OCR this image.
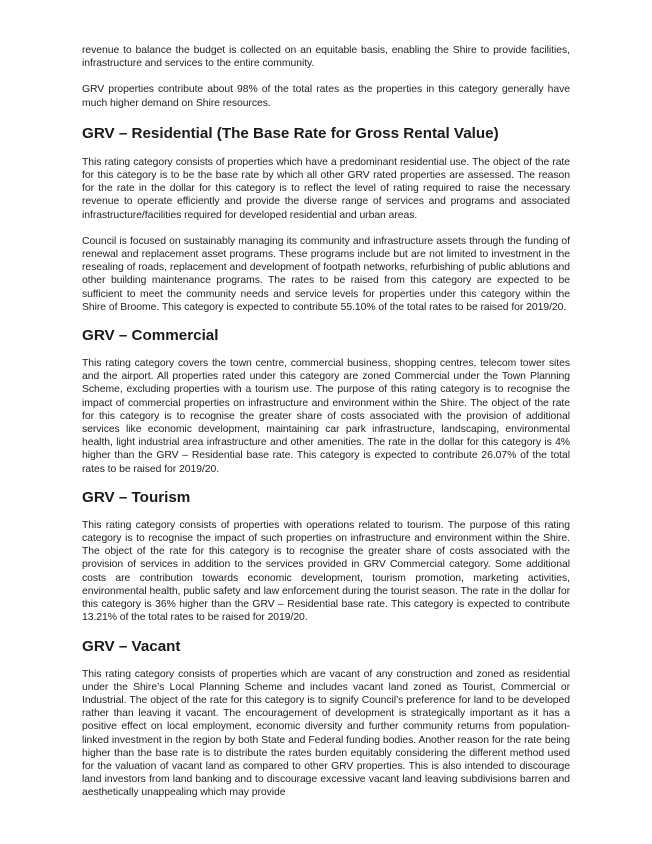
revenue to balance the budget is collected on an equitable basis, enabling the Shire to provide facilities, infrastructure and services to the entire community.

GRV properties contribute about 98% of the total rates as the properties in this category generally have much higher demand on Shire resources.

GRV – Residential (The Base Rate for Gross Rental Value)

This rating category consists of properties which have a predominant residential use. The object of the rate for this category is to be the base rate by which all other GRV rated properties are assessed. The reason for the rate in the dollar for this category is to reflect the level of rating required to raise the necessary revenue to operate efficiently and provide the diverse range of services and programs and associated infrastructure/facilities required for developed residential and urban areas.

Council is focused on sustainably managing its community and infrastructure assets through the funding of renewal and replacement asset programs. These programs include but are not limited to investment in the resealing of roads, replacement and development of footpath networks, refurbishing of public ablutions and other building maintenance programs. The rates to be raised from this category are expected to be sufficient to meet the community needs and service levels for properties under this category within the Shire of Broome. This category is expected to contribute 55.10% of the total rates to be raised for 2019/20.

GRV – Commercial

This rating category covers the town centre, commercial business, shopping centres, telecom tower sites and the airport. All properties rated under this category are zoned Commercial under the Town Planning Scheme, excluding properties with a tourism use. The purpose of this rating category is to recognise the impact of commercial properties on infrastructure and environment within the Shire. The object of the rate for this category is to recognise the greater share of costs associated with the provision of additional services like economic development, maintaining car park infrastructure, landscaping, environmental health, light industrial area infrastructure and other amenities. The rate in the dollar for this category is 4% higher than the GRV – Residential base rate. This category is expected to contribute 26.07% of the total rates to be raised for 2019/20.

GRV – Tourism

This rating category consists of properties with operations related to tourism. The purpose of this rating category is to recognise the impact of such properties on infrastructure and environment within the Shire. The object of the rate for this category is to recognise the greater share of costs associated with the provision of services in addition to the services provided in GRV Commercial category. Some additional costs are contribution towards economic development, tourism promotion, marketing activities, environmental health, public safety and law enforcement during the tourist season. The rate in the dollar for this category is 36% higher than the GRV – Residential base rate. This category is expected to contribute 13.21% of the total rates to be raised for 2019/20.

GRV – Vacant

This rating category consists of properties which are vacant of any construction and zoned as residential under the Shire’s Local Planning Scheme and includes vacant land zoned as Tourist, Commercial or Industrial. The object of the rate for this category is to signify Council’s preference for land to be developed rather than leaving it vacant. The encouragement of development is strategically important as it has a positive effect on local employment, economic diversity and further community returns from population-linked investment in the region by both State and Federal funding bodies. Another reason for the rate being higher than the base rate is to distribute the rates burden equitably considering the different method used for the valuation of vacant land as compared to other GRV properties. This is also intended to discourage land investors from land banking and to discourage excessive vacant land leaving subdivisions barren and aesthetically unappealing which may provide
